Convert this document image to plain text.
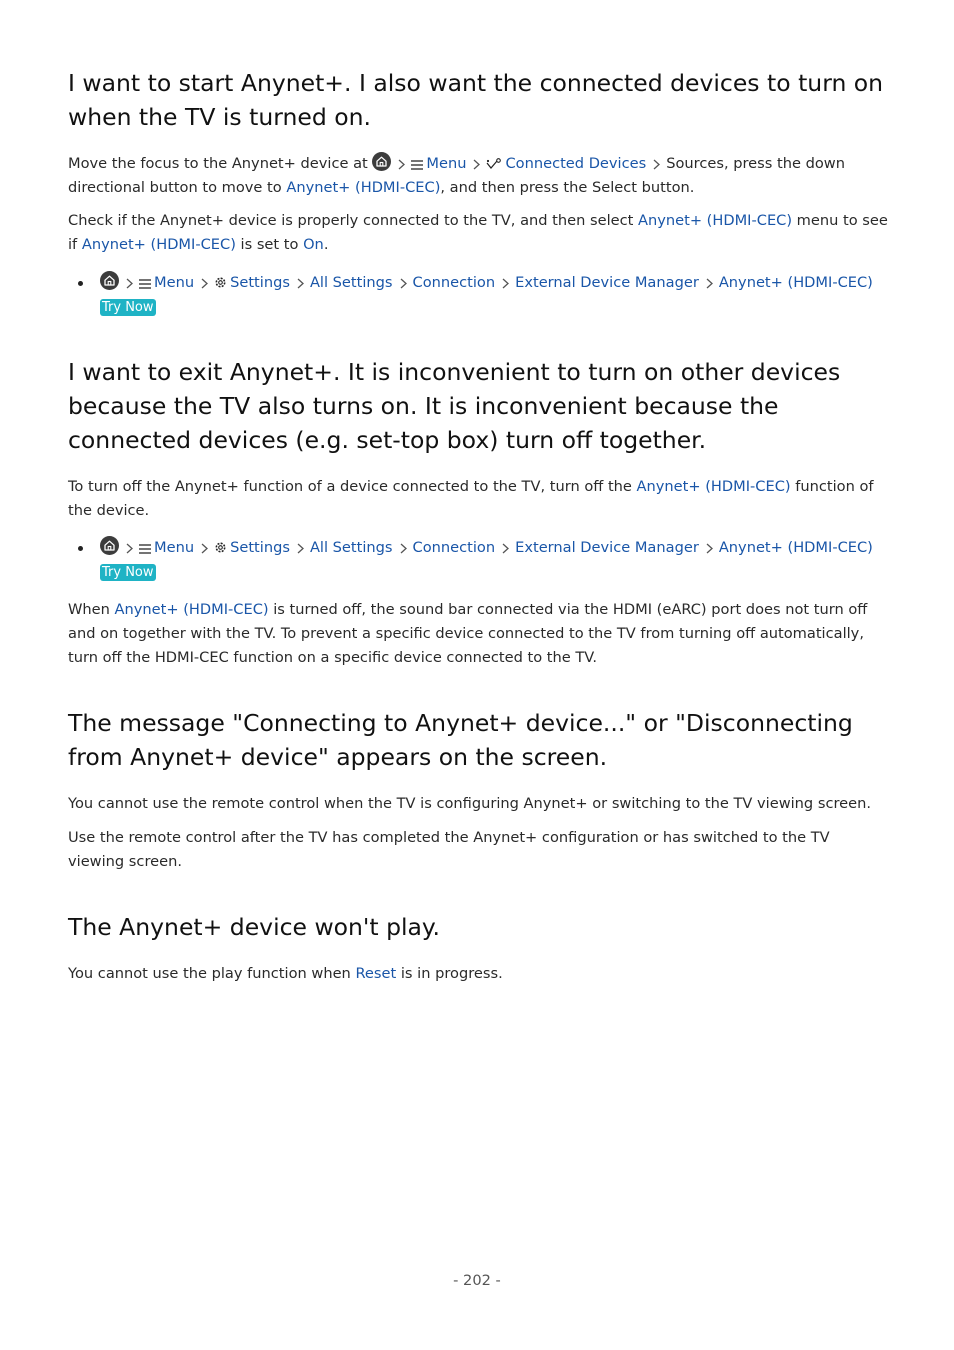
I want to start Anynet+. I also want the connected devices to turn on when the TV is turned on.

Move the focus to the Anynet+ device at	Menu	Connected Devices Sources, press the down directional button to move to Anynet+ (HDMI-CEC), and then press the Select button.

Check if the Anynet+ device is properly connected to the TV, and then select Anynet+ (HDMI-CEC) menu to see if Anynet+ (HDMI-CEC) is set to On.

Menu Settings All Settings Connection External Device Manager Anynet+ (HDMI-CEC)
Try Now
I want to exit Anynet+. It is inconvenient to turn on other devices because the TV also turns on. It is inconvenient because the connected devices (e.g. set-top box) turn off together.

To turn off the Anynet+ function of a device connected to the TV, turn off the Anynet+ (HDMI-CEC) function of the device.

Menu Settings All Settings Connection External Device Manager Anynet+ (HDMI-CEC)
Try Now

When Anynet+ (HDMI-CEC) is turned off, the sound bar connected via the HDMI (eARC) port does not turn off and on together with the TV. To prevent a specific device connected to the TV from turning off automatically, turn off the HDMI-CEC function on a specific device connected to the TV.

The message "Connecting to Anynet+ device..." or "Disconnecting from Anynet+ device" appears on the screen.

You cannot use the remote control when the TV is configuring Anynet+ or switching to the TV viewing screen.

Use the remote control after the TV has completed the Anynet+ configuration or has switched to the TV viewing screen.

The Anynet+ device won't play.

You cannot use the play function when Reset is in progress.

- 202 -
